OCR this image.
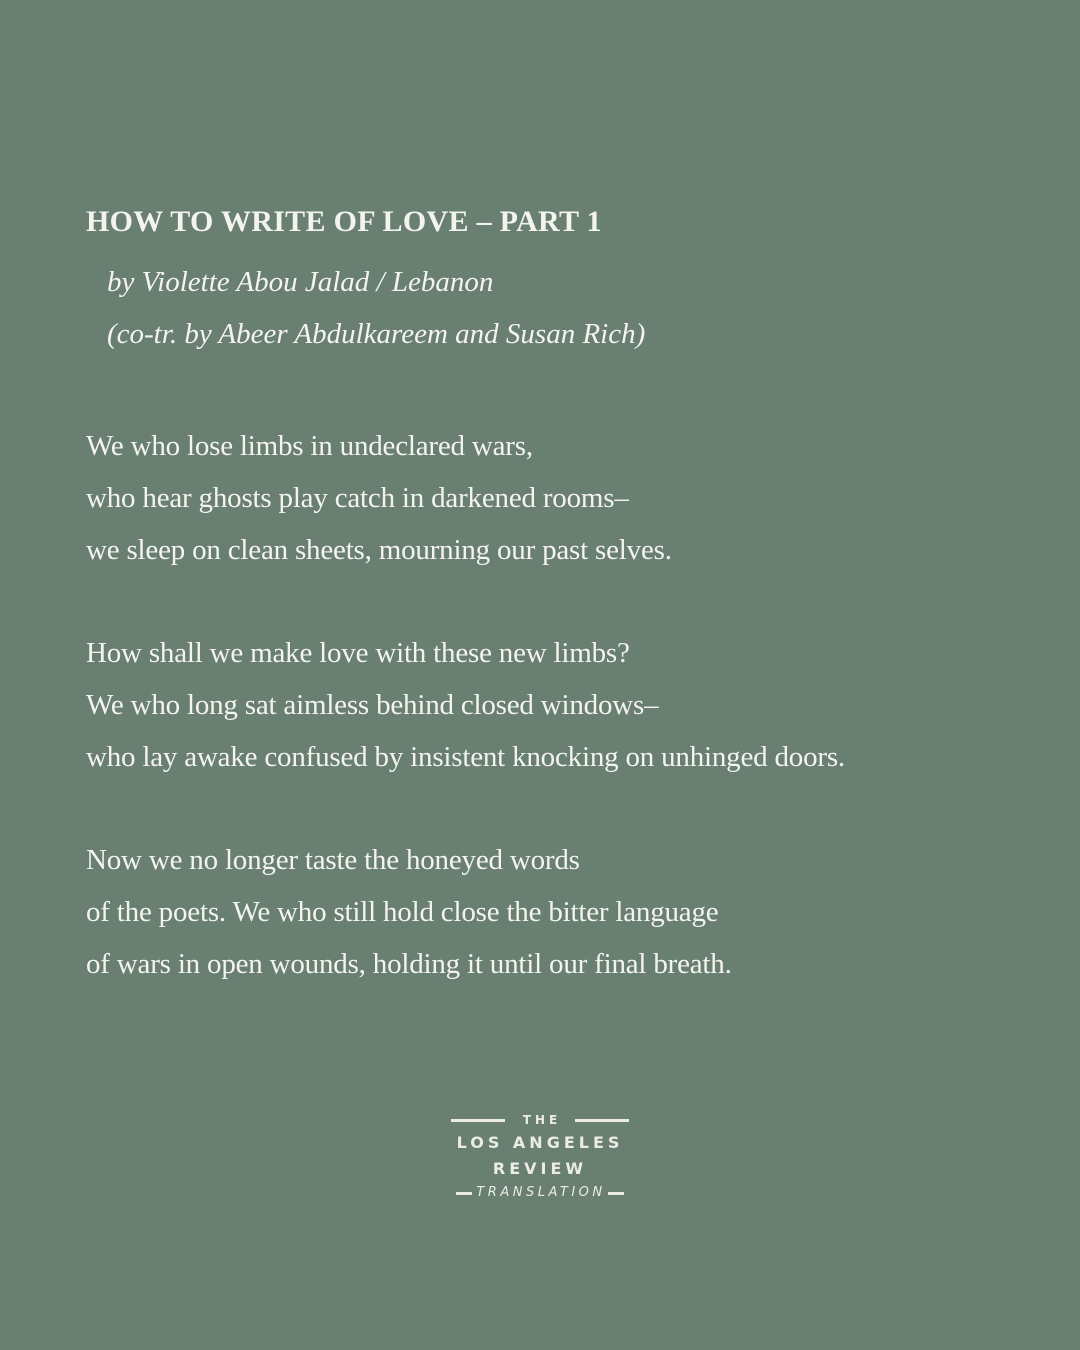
HOW TO WRITE OF LOVE – PART 1
by Violette Abou Jalad / Lebanon
(co-tr. by Abeer Abdulkareem and Susan Rich)
We who lose limbs in undeclared wars,
who hear ghosts play catch in darkened rooms–
we sleep on clean sheets, mourning our past selves.
How shall we make love with these new limbs?
We who long sat aimless behind closed windows–
who lay awake confused by insistent knocking on unhinged doors.
Now we no longer taste the honeyed words
of the poets. We who still hold close the bitter language
of wars in open wounds, holding it until our final breath.
THE
LOS ANGELES
REVIEW
TRANSLATION
